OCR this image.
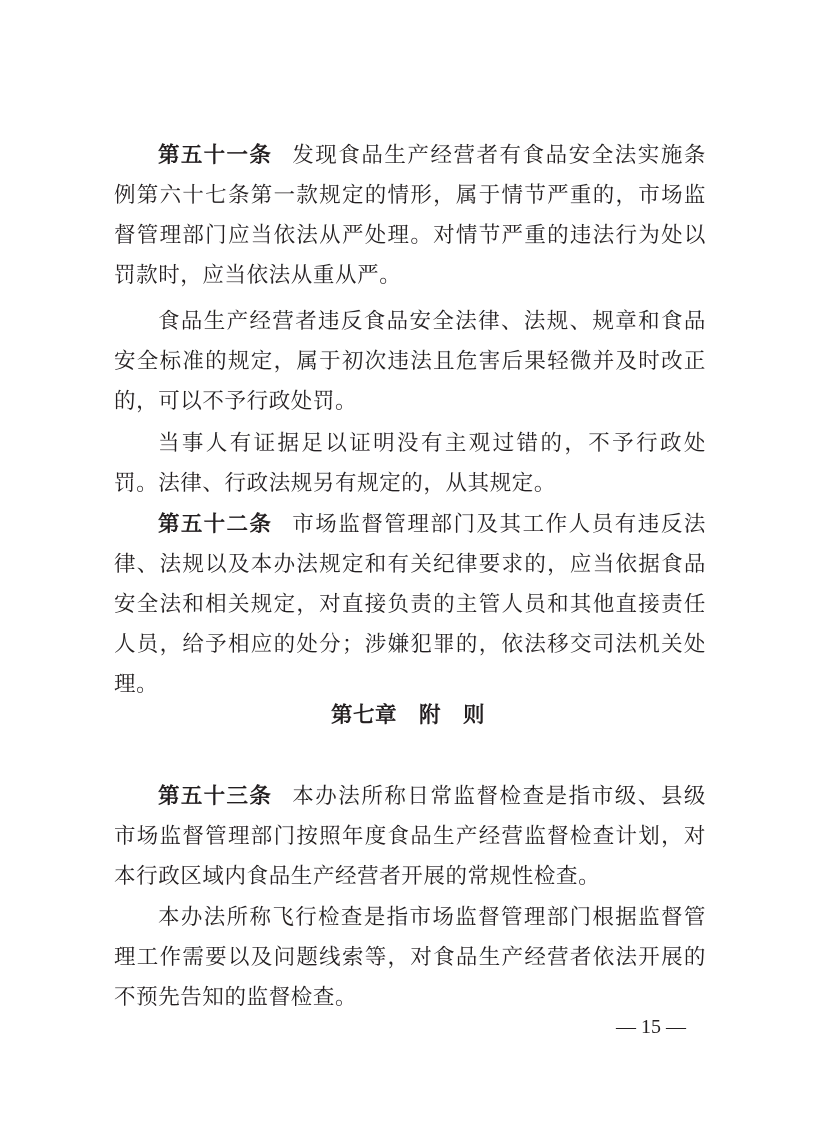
第五十一条 发现食品生产经营者有食品安全法实施条例第六十七条第一款规定的情形，属于情节严重的，市场监督管理部门应当依法从严处理。对情节严重的违法行为处以罚款时，应当依法从重从严。

食品生产经营者违反食品安全法律、法规、规章和食品安全标准的规定，属于初次违法且危害后果轻微并及时改正的，可以不予行政处罚。

当事人有证据足以证明没有主观过错的，不予行政处罚。法律、行政法规另有规定的，从其规定。

第五十二条 市场监督管理部门及其工作人员有违反法律、法规以及本办法规定和有关纪律要求的，应当依据食品安全法和相关规定，对直接负责的主管人员和其他直接责任人员，给予相应的处分；涉嫌犯罪的，依法移交司法机关处理。

第七章 附　则

第五十三条 本办法所称日常监督检查是指市级、县级市场监督管理部门按照年度食品生产经营监督检查计划，对本行政区域内食品生产经营者开展的常规性检查。

本办法所称飞行检查是指市场监督管理部门根据监督管理工作需要以及问题线索等，对食品生产经营者依法开展的不预先告知的监督检查。

— 15 —
